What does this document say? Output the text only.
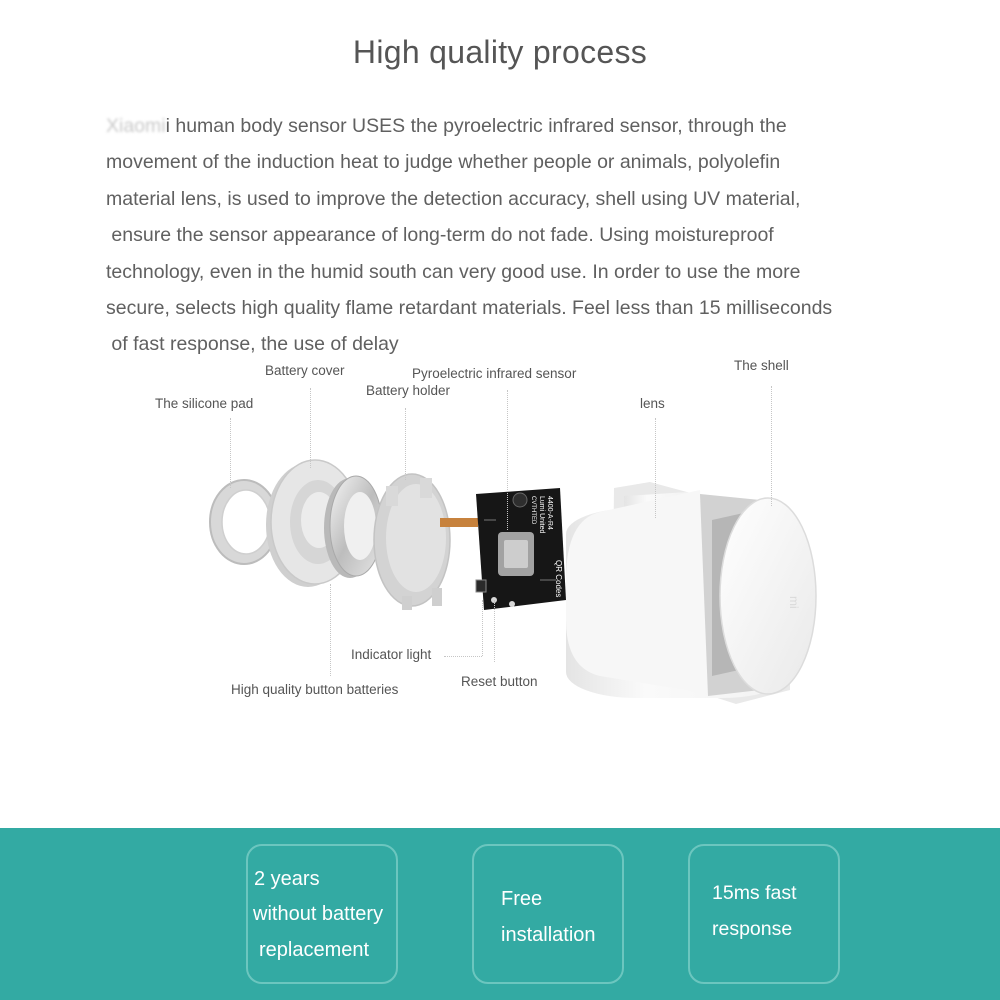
High quality process
Xiaomii human body sensor USES the pyroelectric infrared sensor, through the
movement of the induction heat to judge whether people or animals, polyolefin
material lens, is used to improve the detection accuracy, shell using UV material,
ensure the sensor appearance of long-term do not fade. Using moistureproof
technology, even in the humid south can very good use. In order to use the more
secure, selects high quality flame retardant materials. Feel less than 15 milliseconds
of fast response, the use of delay
4400-A-R4
Lumi United
CVTHTED
QR Codes
mi
Battery cover
The silicone pad
Battery holder
Pyroelectric infrared sensor
The shell
lens
Indicator light
Reset button
High quality button batteries
2 years
without battery
replacement
Free
installation
15ms fast
response
